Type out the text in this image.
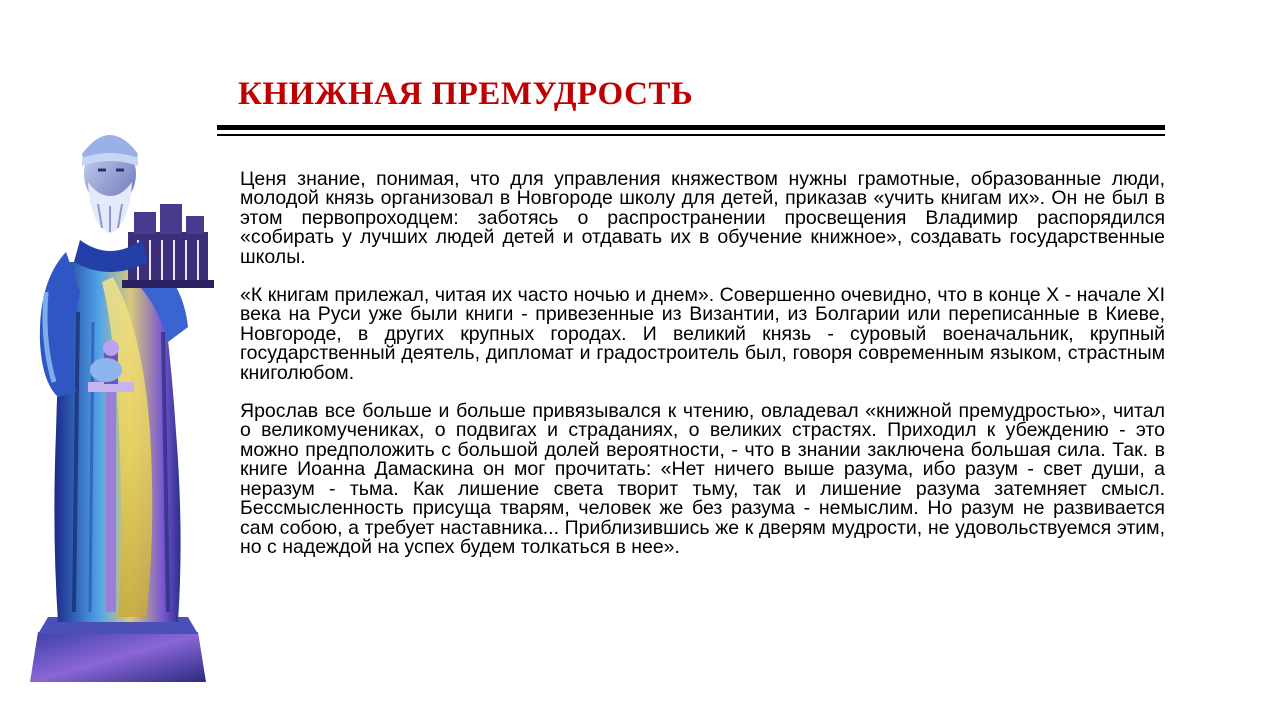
КНИЖНАЯ ПРЕМУДРОСТЬ

Ценя знание, понимая, что для управления княжеством нужны грамотные, образованные люди, молодой князь организовал в Новгороде школу для детей, приказав «учить книгам их». Он не был в этом первопроходцем: заботясь о распространении просвещения Владимир распорядился «собирать у лучших людей детей и отдавать их в обучение книжное», создавать государственные школы.

«К книгам прилежал, читая их часто ночью и днем». Совершенно очевидно, что в конце X - начале XI века на Руси уже были книги - привезенные из Византии, из Болгарии или переписанные в Киеве, Новгороде, в других крупных городах. И великий князь - суровый военачальник, крупный государственный деятель, дипломат и градостроитель был, говоря современным языком, страстным книголюбом.

Ярослав все больше и больше привязывался к чтению, овладевал «книжной премудростью», читал о великомучениках, о подвигах и страданиях, о великих страстях. Приходил к убеждению - это можно предположить с большой долей вероятности, - что в знании заключена большая сила. Так. в книге Иоанна Дамаскина он мог прочитать: «Нет ничего выше разума, ибо разум - свет души, а неразум - тьма. Как лишение света творит тьму, так и лишение разума затемняет смысл. Бессмысленность присуща тварям, человек же без разума - немыслим. Но разум не развивается сам собою, а требует наставника... Приблизившись же к дверям мудрости, не удовольствуемся этим, но с надеждой на успех будем толкаться в нее».
